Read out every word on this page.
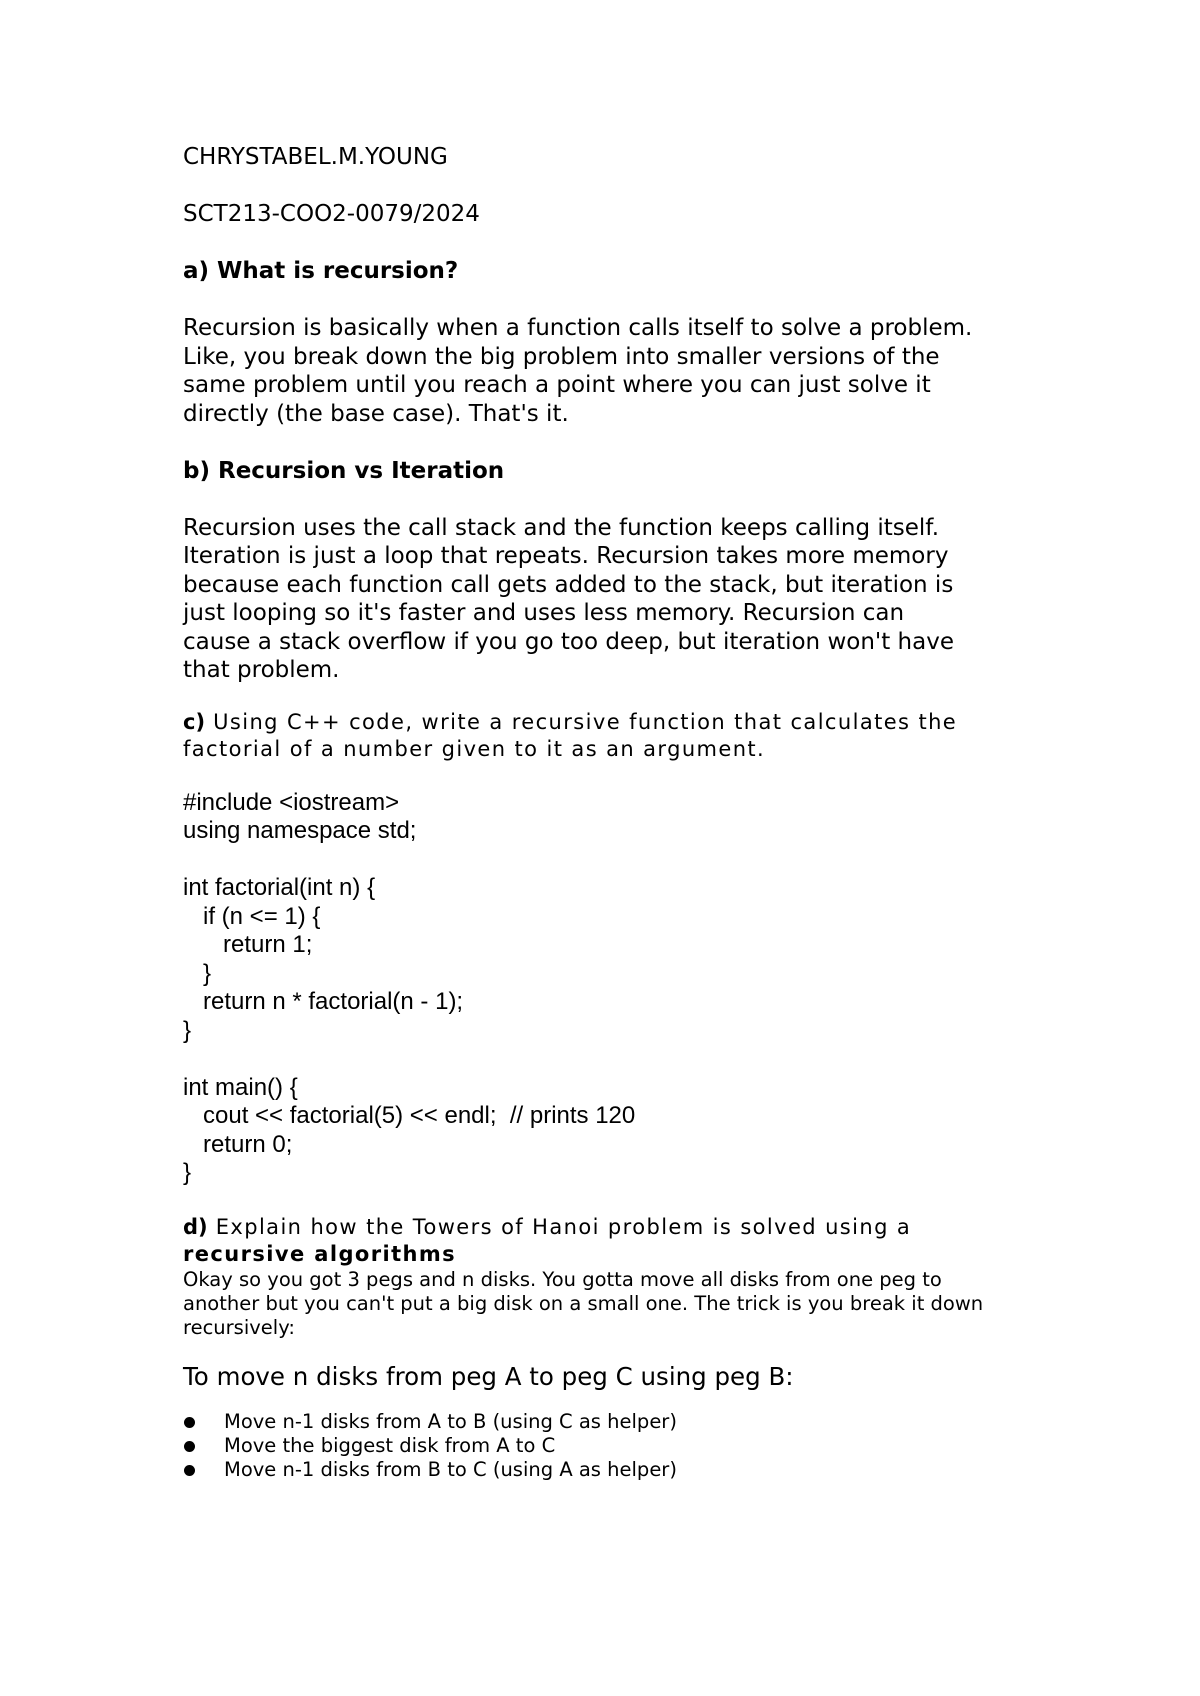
CHRYSTABEL.M.YOUNG

SCT213-COO2-0079/2024

a) What is recursion?

Recursion is basically when a function calls itself to solve a problem.

Like, you break down the big problem into smaller versions of the

same problem until you reach a point where you can just solve it

directly (the base case). That's it.

b) Recursion vs Iteration

Recursion uses the call stack and the function keeps calling itself.

Iteration is just a loop that repeats. Recursion takes more memory

because each function call gets added to the stack, but iteration is

just looping so it's faster and uses less memory. Recursion can

cause a stack overflow if you go too deep, but iteration won't have

that problem.

c) Using C++ code, write a recursive function that calculates the

factorial of a number given to it as an argument.

#include <iostream>

using namespace std;

int factorial(int n) {

if (n <= 1) {

return 1;

}

return n * factorial(n - 1);

}

int main() {

cout << factorial(5) << endl;  // prints 120

return 0;

}

d) Explain how the Towers of Hanoi problem is solved using a

recursive algorithms

Okay so you got 3 pegs and n disks. You gotta move all disks from one peg to

another but you can't put a big disk on a small one. The trick is you break it down

recursively:

To move n disks from peg A to peg C using peg B:

Move n-1 disks from A to B (using C as helper)
Move the biggest disk from A to C
Move n-1 disks from B to C (using A as helper)
